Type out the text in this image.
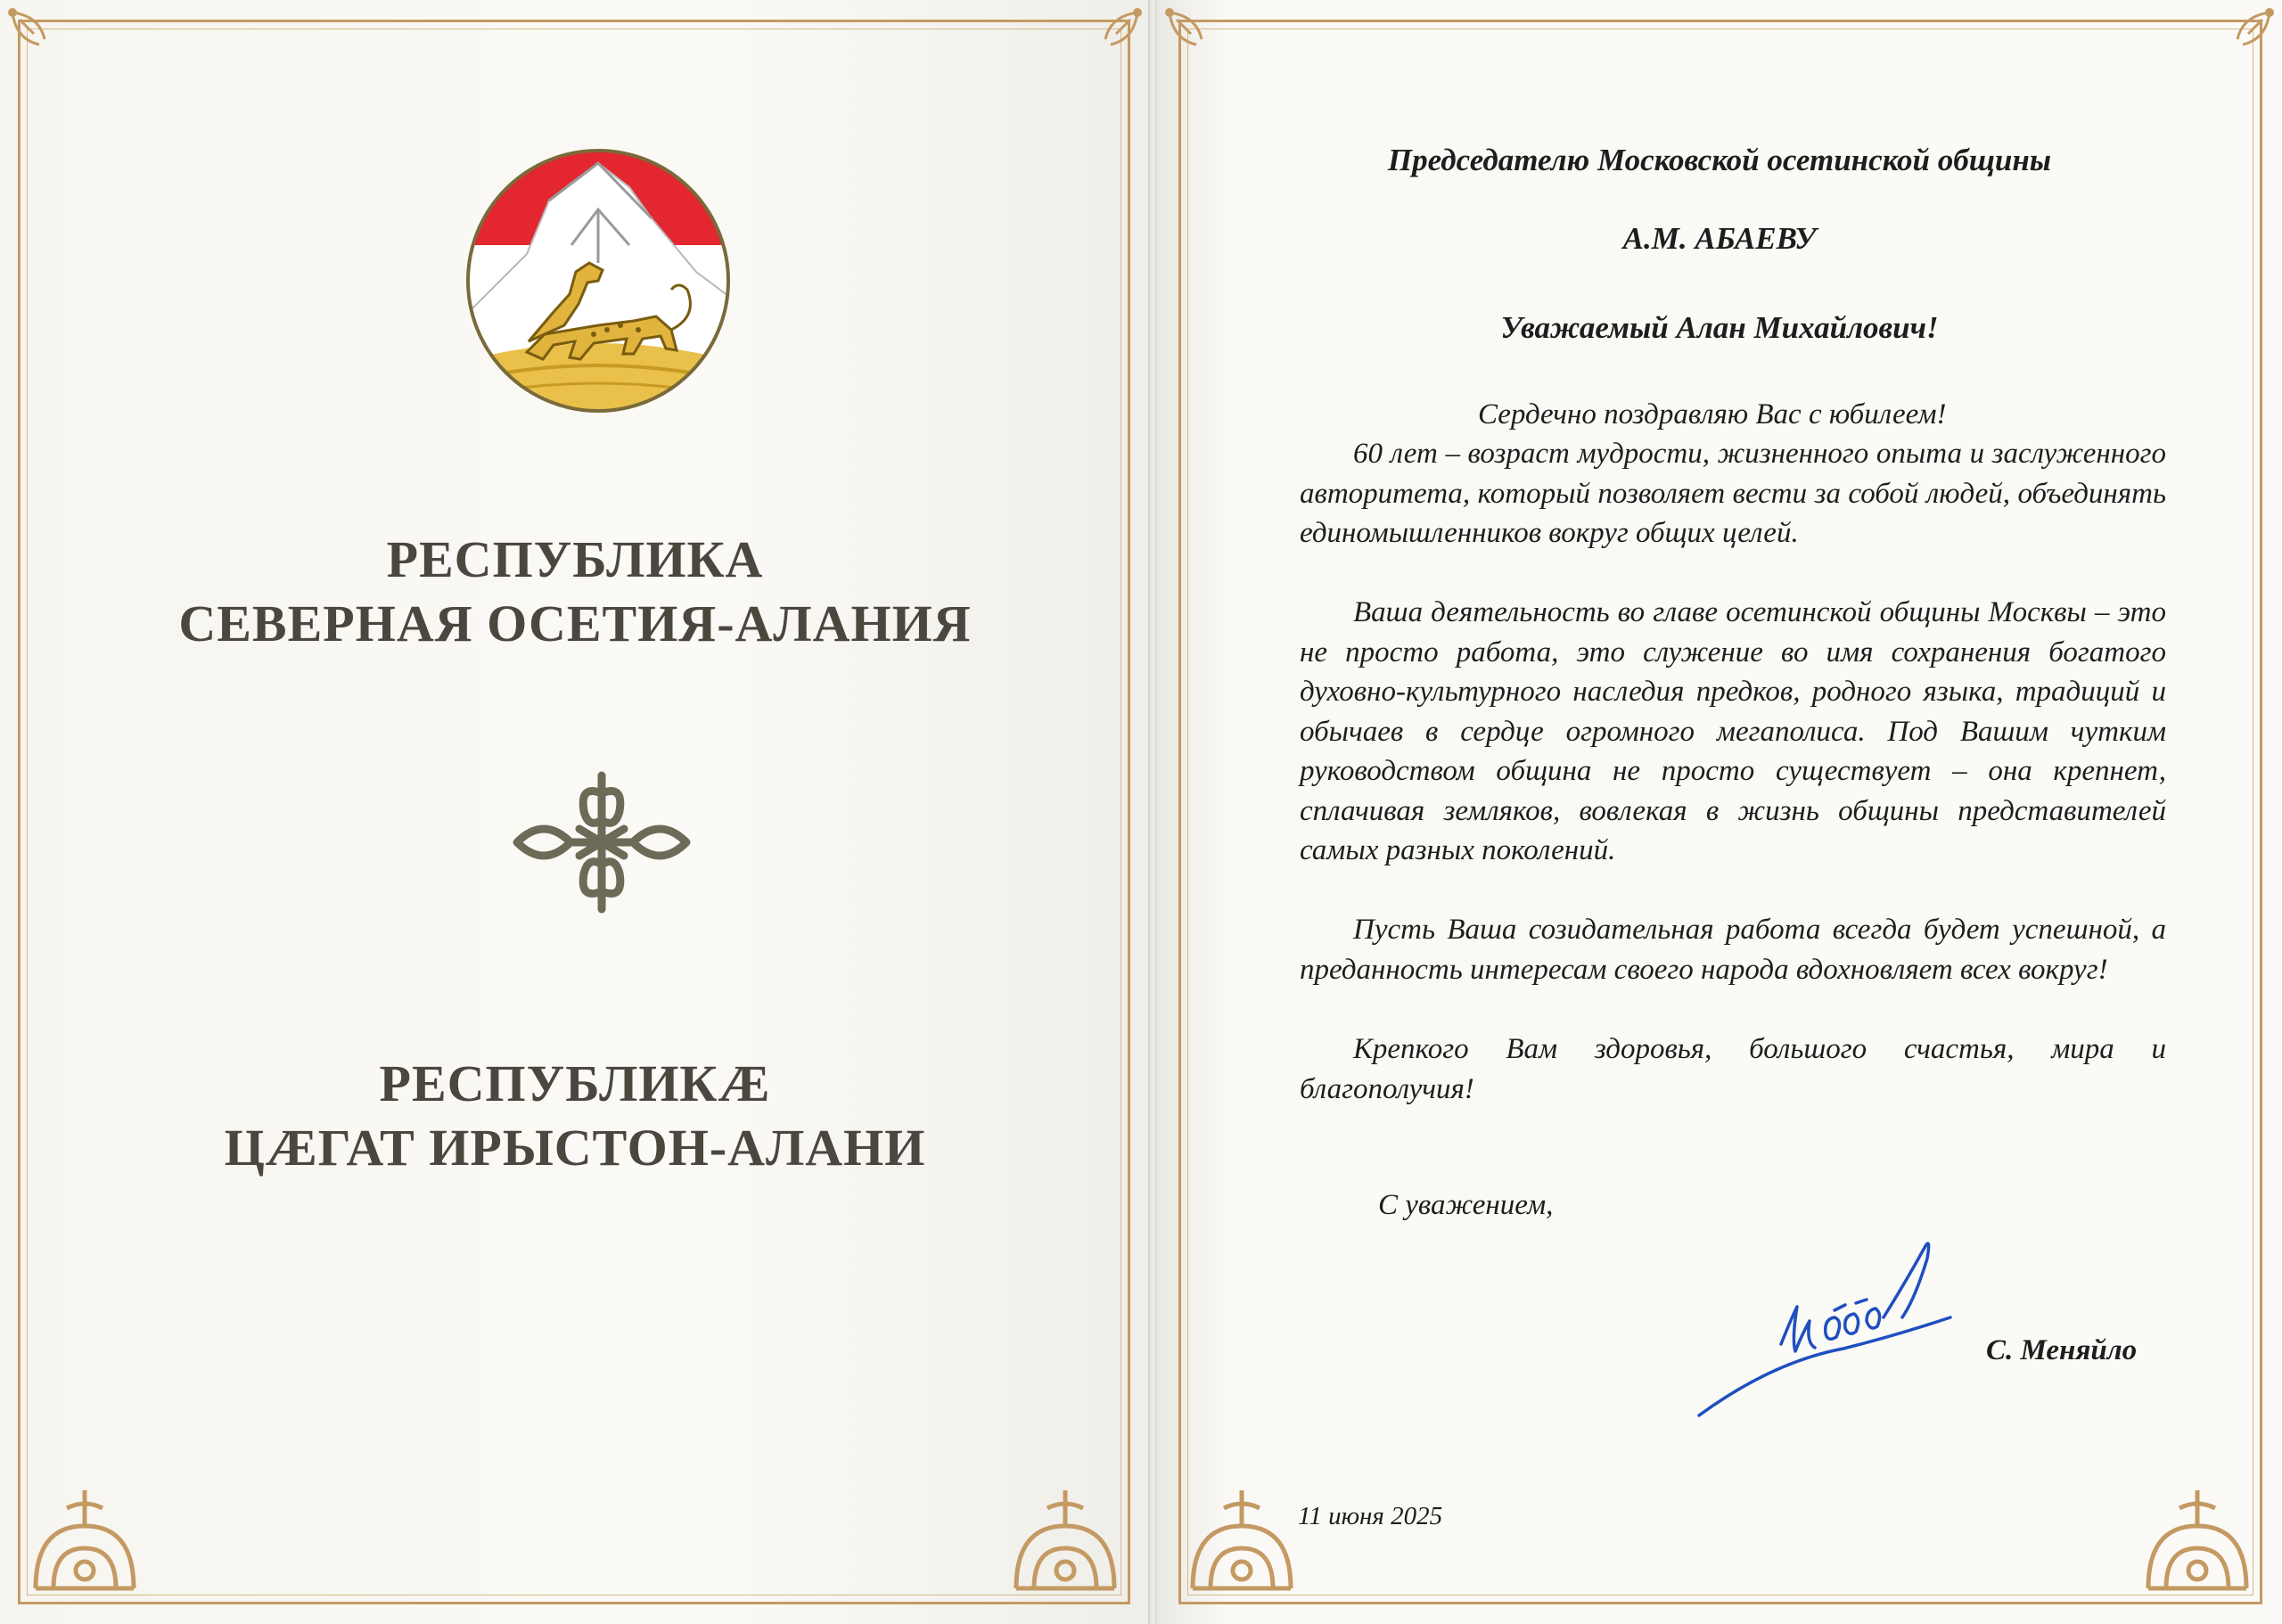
РЕСПУБЛИКА
СЕВЕРНАЯ ОСЕТИЯ-АЛАНИЯ
РЕСПУБЛИКÆ
ЦÆГАТ ИРЫСТОН-АЛАНИ
Председателю Московской осетинской общины
А.М. АБАЕВУ
Уважаемый Алан Михайлович!
Сердечно поздравляю Вас с юбилеем!
60 лет – возраст мудрости, жизненного опыта и заслуженного авторитета, который позволяет вести за собой людей, объединять единомышленников вокруг общих целей.
Ваша деятельность во главе осетинской общины Москвы – это не просто работа, это служение во имя сохранения богатого духовно-культурного наследия предков, родного языка, традиций и обычаев в сердце огромного мегаполиса. Под Вашим чутким руководством община не просто существует – она крепнет, сплачивая земляков, вовлекая в жизнь общины представителей самых разных поколений.
Пусть Ваша созидательная работа всегда будет успешной, а преданность интересам своего народа вдохновляет всех вокруг!
Крепкого Вам здоровья, большого счастья, мира и благополучия!
С уважением,
С. Меняйло
11 июня 2025
